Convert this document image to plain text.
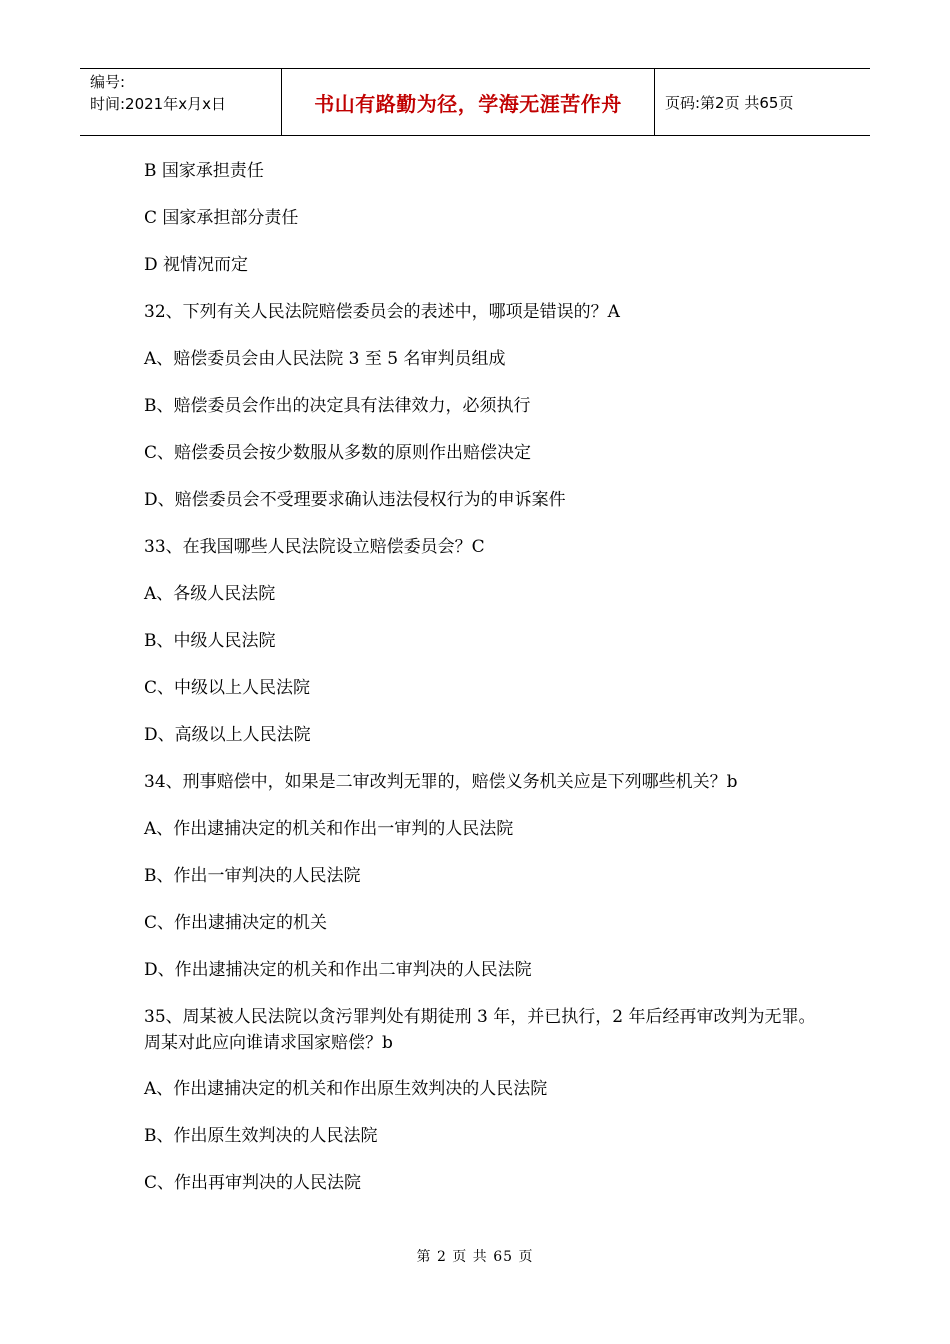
编号:
时间:2021年x月x日	书山有路勤为径，学海无涯苦作舟	页码:第2页 共65页

B 国家承担责任

C 国家承担部分责任

D 视情况而定

32、下列有关人民法院赔偿委员会的表述中，哪项是错误的？A

A、赔偿委员会由人民法院 3 至 5 名审判员组成

B、赔偿委员会作出的决定具有法律效力，必须执行

C、赔偿委员会按少数服从多数的原则作出赔偿决定

D、赔偿委员会不受理要求确认违法侵权行为的申诉案件

33、在我国哪些人民法院设立赔偿委员会？C

A、各级人民法院

B、中级人民法院

C、中级以上人民法院

D、高级以上人民法院

34、刑事赔偿中，如果是二审改判无罪的，赔偿义务机关应是下列哪些机关？b

A、作出逮捕决定的机关和作出一审判的人民法院

B、作出一审判决的人民法院

C、作出逮捕决定的机关

D、作出逮捕决定的机关和作出二审判决的人民法院

35、周某被人民法院以贪污罪判处有期徒刑 3 年，并已执行，2 年后经再审改判为无罪。周某对此应向谁请求国家赔偿？b

A、作出逮捕决定的机关和作出原生效判决的人民法院

B、作出原生效判决的人民法院

C、作出再审判决的人民法院

第 2 页 共 65 页
